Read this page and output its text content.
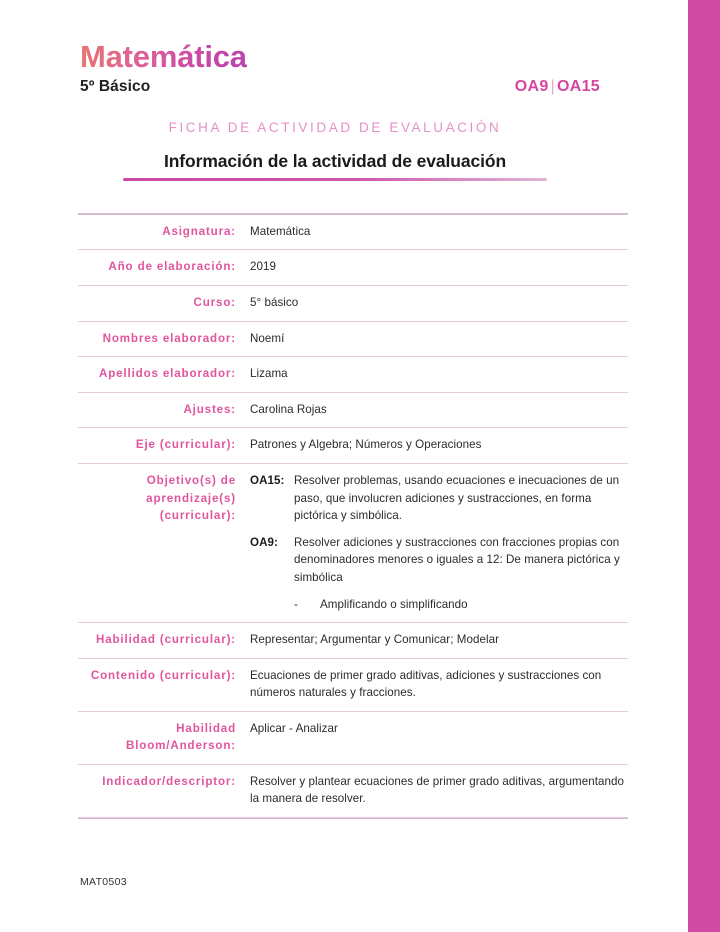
Matemática
5º Básico	OA9 | OA15
FICHA DE ACTIVIDAD DE EVALUACIÓN
Información de la actividad de evaluación
Asignatura:	Matemática
Año de elaboración:	2019
Curso:	5° básico
Nombres elaborador:	Noemí
Apellidos elaborador:	Lizama
Ajustes:	Carolina Rojas
Eje (curricular):	Patrones y Algebra; Números y Operaciones
Objetivo(s) de aprendizaje(s) (curricular):
OA15: Resolver problemas, usando ecuaciones e inecuaciones de un paso, que involucren adiciones y sustracciones, en forma pictórica y simbólica.
OA9:	Resolver adiciones y sustracciones con fracciones propias con denominadores menores o iguales a 12: De manera pictórica y simbólica
-	Amplificando o simplificando
Habilidad (curricular):	Representar; Argumentar y Comunicar; Modelar
Contenido (curricular):	Ecuaciones de primer grado aditivas, adiciones y sustracciones con números naturales y fracciones.
Habilidad Bloom/Anderson:
Aplicar - Analizar
Indicador/descriptor:	Resolver y plantear ecuaciones de primer grado aditivas, argumentando la manera de resolver.
MAT0503
